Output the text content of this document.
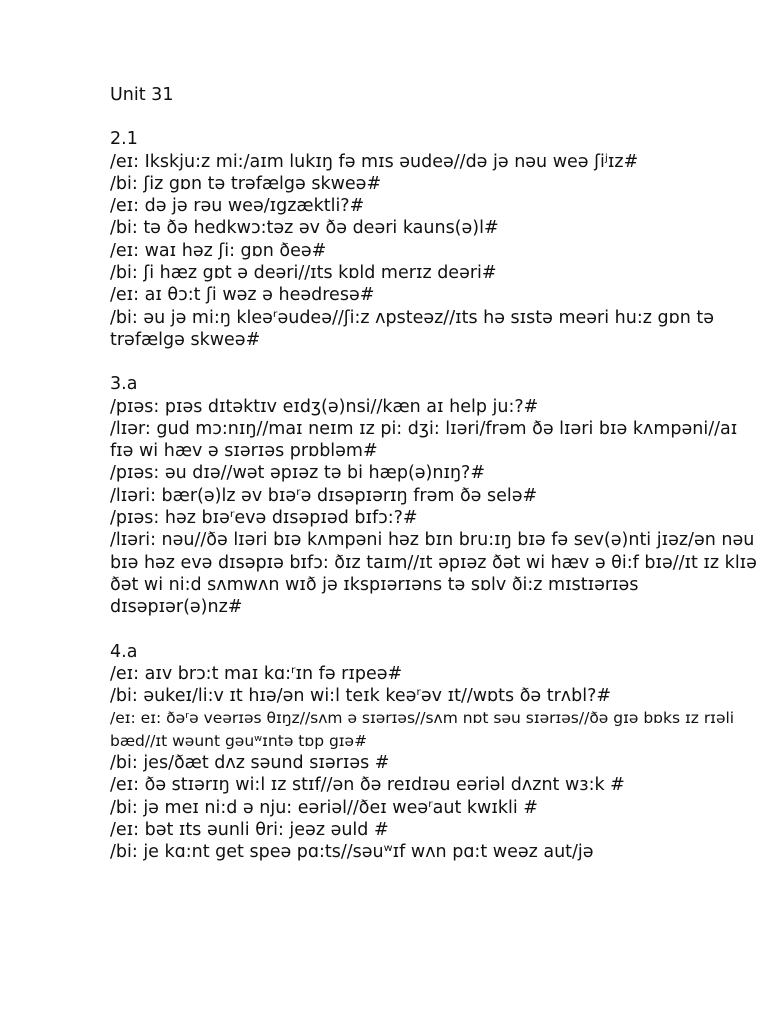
Unit 31
2.1
/eɪ: Ikskju:z mi:/aɪm lukɪŋ fə mɪs əudeə//də jə nəu weə ʃiʲɪz#
/bi: ʃiz gɒn tə trəfælgə skweə#
/eɪ: də jə rəu weə/ɪgzæktli?#
/bi: tə ðə hedkwɔ:təz əv ðə deəri kauns(ə)l#
/eɪ: waɪ həz ʃi: gɒn ðeə#
/bi: ʃi hæz gɒt ə deəri//ɪts kɒld merɪz deəri#
/eɪ: aɪ θɔ:t ʃi wəz ə heədresə#
/bi: əu jə mi:ŋ kleəʳəudeə//ʃi:z ʌpsteəz//ɪts hə sɪstə meəri hu:z gɒn tə trəfælgə skweə#
3.a
/pɪəs: pɪəs dɪtəktɪv eɪdʒ(ə)nsi//kæn aɪ help ju:?#
/lɪər: gud mɔ:nɪŋ//maɪ neɪm ɪz pi: dʒi: lɪəri/frəm ðə lɪəri bɪə kʌmpəni//aɪ fɪə wi hæv ə sɪərɪəs prɒbləm#
/pɪəs: əu dɪə//wət əpɪəz tə bi hæp(ə)nɪŋ?#
/lɪəri: bær(ə)lz əv bɪəʳə dɪsəpɪərɪŋ frəm ðə selə#
/pɪəs: həz bɪəʳevə dɪsəpɪəd bɪfɔ:?#
/lɪəri: nəu//ðə lɪəri bɪə kʌmpəni həz bɪn bru:ɪŋ bɪə fə sev(ə)nti jɪəz/ən nəu bɪə həz evə dɪsəpɪə bɪfɔ: ðɪz taɪm//ɪt əpɪəz ðət wi hæv ə θi:f bɪə//ɪt ɪz klɪə ðət wi ni:d sʌmwʌn wɪð jə ɪkspɪərɪəns tə sɒlv ði:z mɪstɪərɪəs dɪsəpɪər(ə)nz#
4.a
/eɪ: aɪv brɔ:t maɪ kɑ:ʳɪn fə rɪpeə#
/bi: əukeɪ/li:v ɪt hɪə/ən wi:l teɪk keəʳəv ɪt//wɒts ðə trʌbl?#
/eɪ: eɪ: ðəʳə veərɪəs θɪŋz//sʌm ə sɪərɪəs//sʌm nɒt səu sɪərɪəs//ðə gɪə bɒks ɪz rɪəli bæd//ɪt wəunt gəuʷɪntə tɒp gɪə#
/bi: jes/ðæt dʌz səund sɪərɪəs #
/eɪ: ðə stɪərɪŋ wi:l ɪz stɪf//ən ðə reɪdɪəu eəriəl dʌznt wɜ:k #
/bi: jə meɪ ni:d ə nju: eəriəl//ðeɪ weəʳaut kwɪkli #
/eɪ: bət ɪts əunli θri: jeəz əuld #
/bi: je kɑ:nt get speə pɑ:ts//səuʷɪf wʌn pɑ:t weəz aut/jə
